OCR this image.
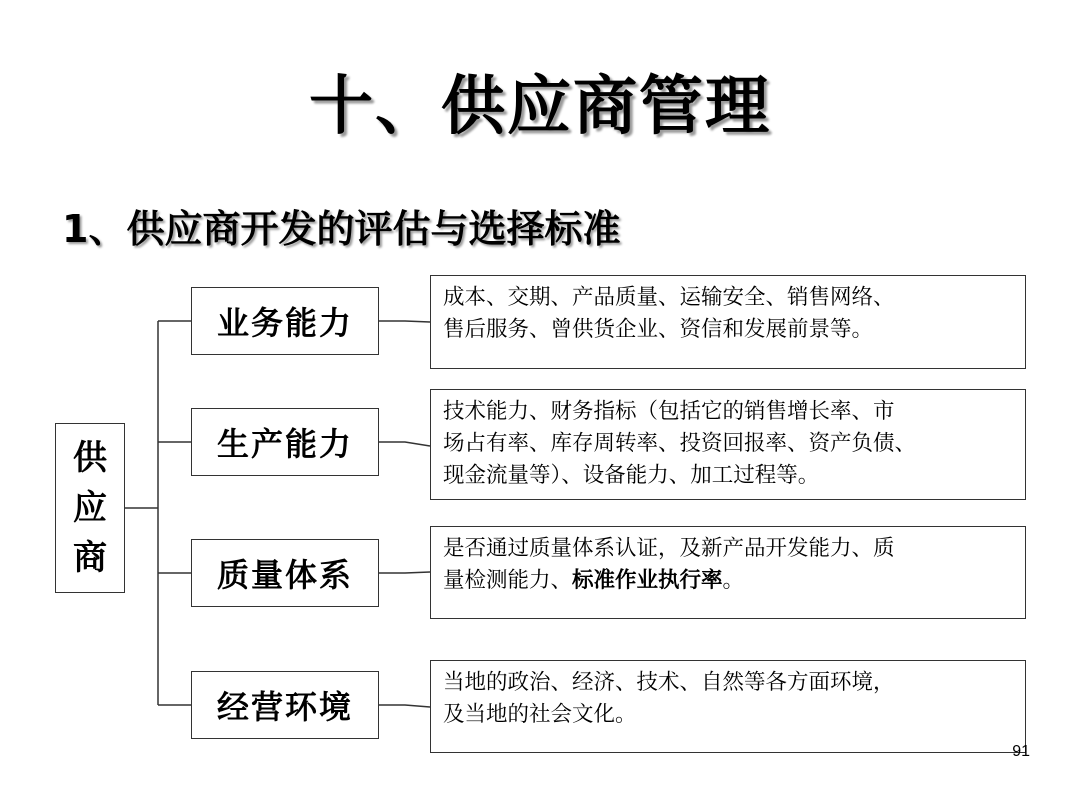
十、供应商管理
1、供应商开发的评估与选择标准
供
应
商
业务能力
生产能力
质量体系
经营环境
成本、交期、产品质量、运输安全、销售网络、
售后服务、曾供货企业、资信和发展前景等。
技术能力、财务指标（包括它的销售增长率、市
场占有率、库存周转率、投资回报率、资产负债、
现金流量等）、设备能力、加工过程等。
是否通过质量体系认证，及新产品开发能力、质
量检测能力、标准作业执行率。
当地的政治、经济、技术、自然等各方面环境，
及当地的社会文化。
91
